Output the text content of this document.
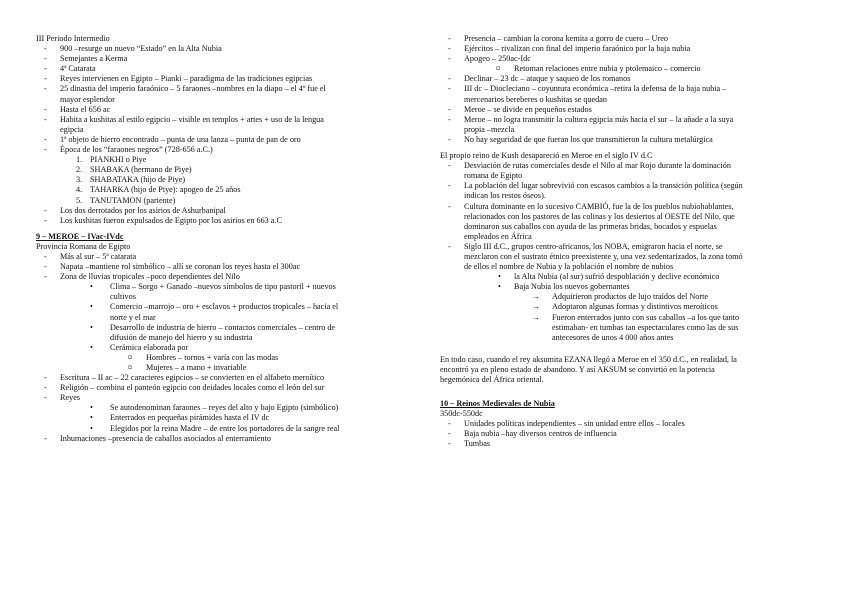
III Periodo Intermedio
- 900 –resurge un nuevo “Estado” en la Alta Nubia
- Semejantes a Kerma
- 4ª Catarata
- Reyes intervienen en Egipto – Pianki – paradigma de las tradiciones egipcias
- 25 dinastia del imperio faraónico – 5 faraones –nombres en la diapo – el 4º fue el
mayor esplendor
- Hasta el 656 ac
- Habita a kushitas al estilo egipcio – visible en templos + artes + uso de la lengua
egipcia
- 1ª objeto de hierro encontrado – punta de una lanza – punta de pan de oro
- Época de los “faraones negros” (728-656 a.C.)
1. PIANKHI o Piye
2. SHABAKA (hermano de Piye)
3. SHABATAKA (hijo de Piye)
4. TAHARKA (hijo de Piye): apogeo de 25 años
5. TANUTAMON (pariente)
- Los dos derrotados por los asirios de Ashurbanipal
- Los kushitas fueron expulsados de Egipto por los asirios en 663 a.C
9 – MEROE – IVac-IVdc
Provincia Romana de Egipto
- Más al sur – 5ª catarata
- Napata –mantiene rol simbólico – allí se coronan los reyes hasta el 300ac
- Zona de lluvias tropicales –poco dependientes del Nilo
• Clima – Sorgo + Ganado –nuevos símbolos de tipo pastoril + nuevos
cultivos
• Comercio –marrojo – oro + esclavos + productos tropicales – hacia el
norte y el mar
• Desarrollo de industria de hierro – contactos comerciales – centro de
difusión de manejo del hierro y su industria
• Cerámica elaborada por
¤ Hombres – tornos + varía con las modas
¤ Mujeres – a mano + invariable
- Escritura – II ac – 22 caracteres egipcios – se convierten en el alfabeto meroítico
- Religión – combina el panteón egipcio con deidades locales como el león del sur
- Reyes
• Se autodenominan faraones – reyes del alto y bajo Egipto (simbólico)
• Enterrados en pequeñas pirámides hasta el IV dc
• Elegidos por la reina Madre – de entre los portadores de la sangre real
- Inhumaciones –presencia de caballos asociados al enterramiento
- Presencia – cambian la corona kemita a gorro de cuero – Ureo
- Ejércitos – rivalizan con final del imperio faraónico por la baja nubia
- Apogeo – 250ac-Idc
¤ Retoman relaciones entre nubia y ptolemaico – comercio
- Declinar – 23 dc – ataque y saqueo de los romanos
- III dc – Diocleciano – coyuntura económica –retira la defensa de la baja nubia –
mercenarios bereberes o kushitas se quedan
- Meroe – se divide en pequeños estados
- Meroe – no logra transmitir la cultura egipcia más hacia el sur – la añade a la suya
propia –mezcla
- No hay seguridad de que fueran los que transmitieron la cultura metalúrgica
El propio reino de Kush desapareció en Meroe en el siglo IV d.C
- Desviación de rutas comerciales desde el Nilo al mar Rojo durante la dominación
romana de Egipto
- La población del lugar sobrevivió con escasos cambios a la transición política (según
indican los restos óseos).
- Cultura dominante en lo sucesivo CAMBIÓ, fue la de los pueblos nubiohablantes,
relacionados con los pastores de las colinas y los desiertos al OESTE del Nilo, que
dominaron sus caballos con ayuda de las primeras bridas, bocados y espuelas
empleados en África
- Siglo III d.C., grupos centro-africanos, los NOBA, emigraron hacia el norte, se
mezclaron con el sustrato étnico preexistente y, una vez sedentarizados, la zona tomó
de ellos el nombre de Nubia y la población el nombre de nubios
• la Alta Nubia (al sur) sufrió despoblación y declive económico
• Baja Nubia los nuevos gobernantes
→ Adquirieron productos de lujo traídos del Norte
→ Adoptaron algunas formas y distintivos meroíticos
→ Fueron enterrados junto con sus caballos –a los que tanto
estimaban- en tumbas tan espectaculares como las de sus
antecesores de unos 4 000 años antes
En todo caso, cuando el rey aksumita EZANA llegó a Meroe en el 350 d.C., en realidad, la
encontró ya en pleno estado de abandono. Y así AKSUM se convirtió en la potencia
hegemónica del África oriental.
10 – Reinos Medievales de Nubia
350dc-550dc
- Unidades políticas independientes – sin unidad entre ellos – locales
- Baja nubia –hay diversos centros de influencia
- Tumbas
